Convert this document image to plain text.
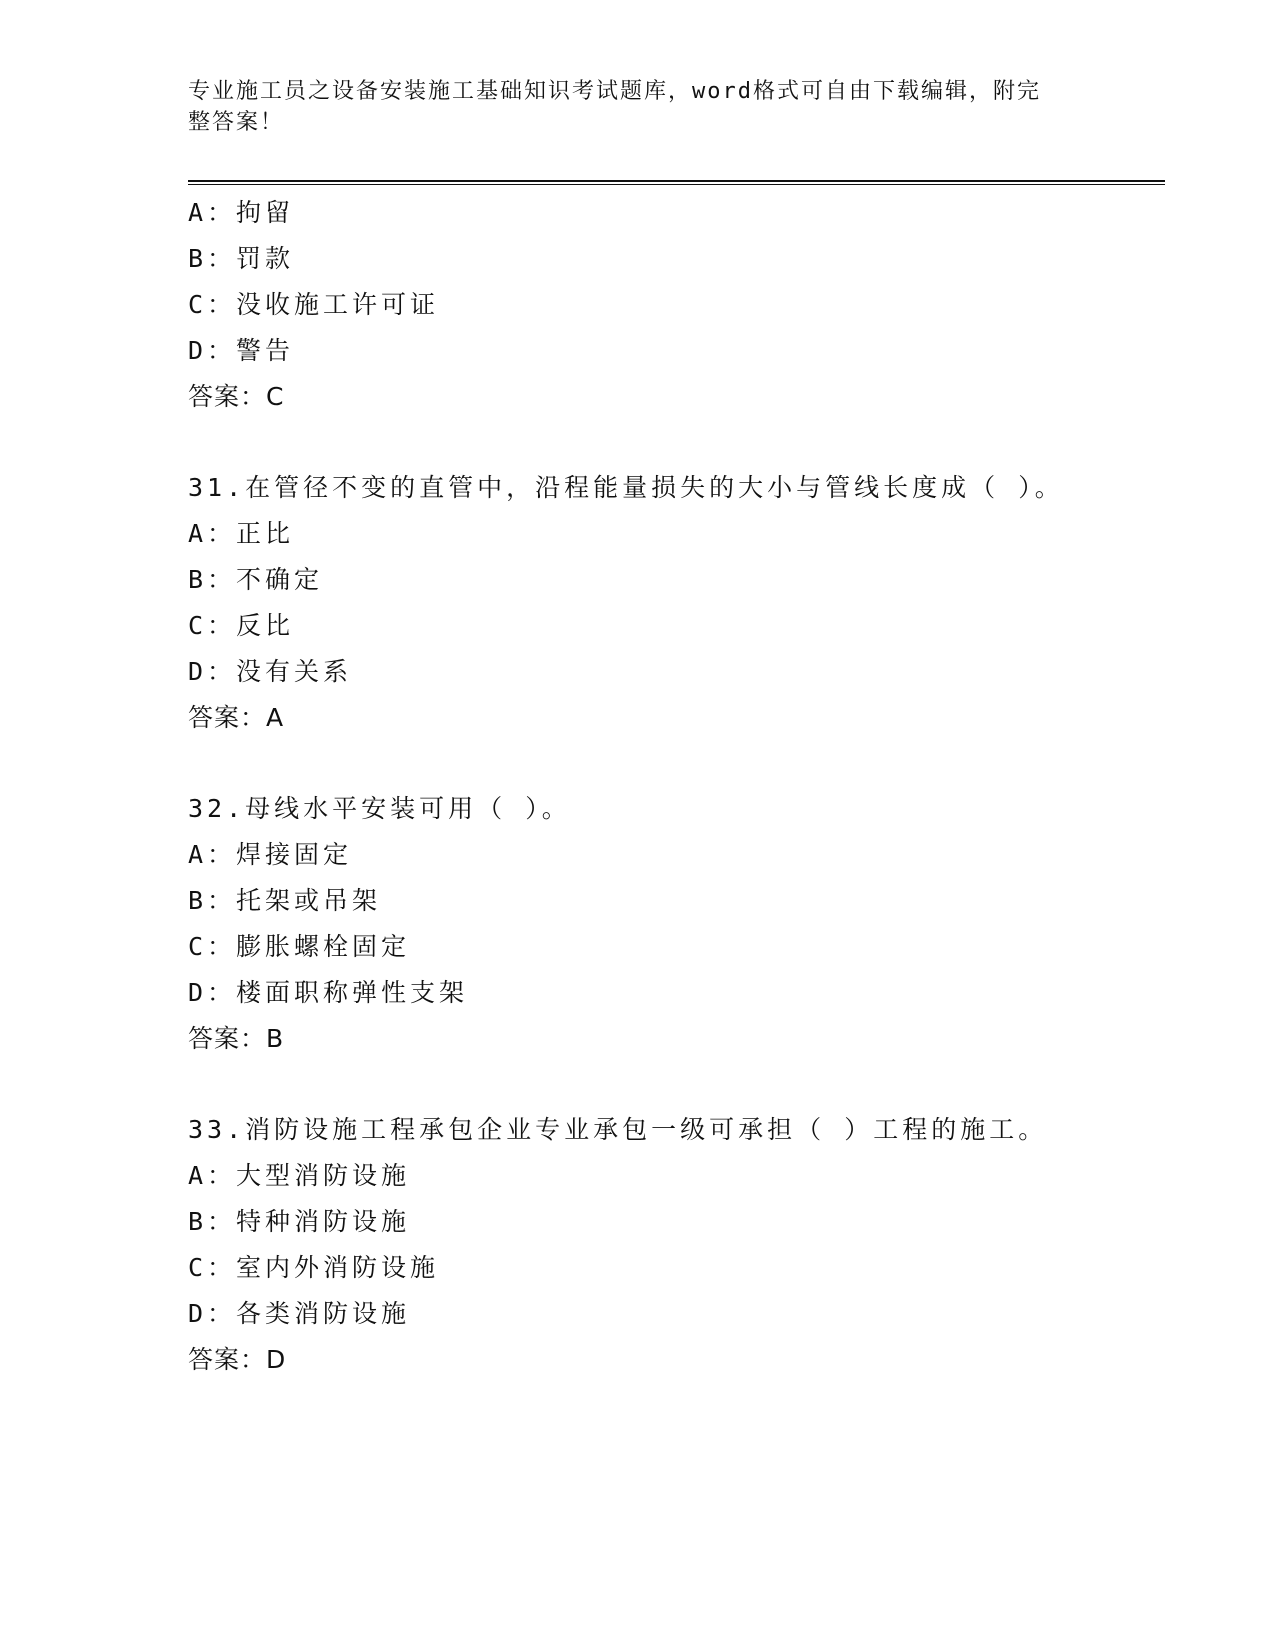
专业施工员之设备安装施工基础知识考试题库，word格式可自由下载编辑，附完
整答案！
A：拘留
B：罚款
C：没收施工许可证
D：警告
答案：C
31.在管径不变的直管中，沿程能量损失的大小与管线长度成（ ）。
A：正比
B：不确定
C：反比
D：没有关系
答案：A
32.母线水平安装可用（ ）。
A：焊接固定
B：托架或吊架
C：膨胀螺栓固定
D：楼面职称弹性支架
答案：B
33.消防设施工程承包企业专业承包一级可承担（ ）工程的施工。
A：大型消防设施
B：特种消防设施
C：室内外消防设施
D：各类消防设施
答案：D
